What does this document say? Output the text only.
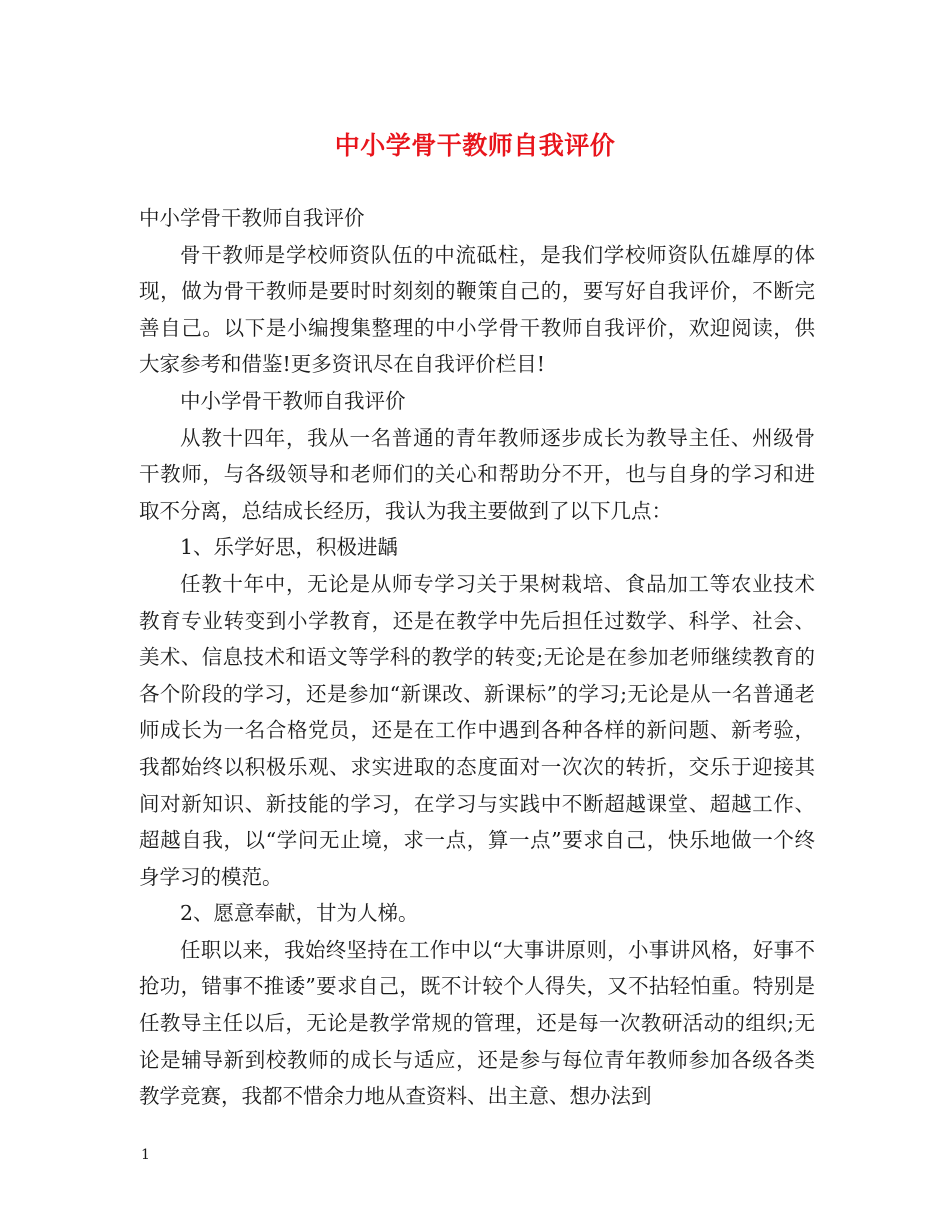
中小学骨干教师自我评价

中小学骨干教师自我评价

骨干教师是学校师资队伍的中流砥柱，是我们学校师资队伍雄厚的体现，做为骨干教师是要时时刻刻的鞭策自己的，要写好自我评价，不断完善自己。以下是小编搜集整理的中小学骨干教师自我评价，欢迎阅读，供大家参考和借鉴!更多资讯尽在自我评价栏目!

中小学骨干教师自我评价

从教十四年，我从一名普通的青年教师逐步成长为教导主任、州级骨干教师，与各级领导和老师们的关心和帮助分不开，也与自身的学习和进取不分离，总结成长经历，我认为我主要做到了以下几点：

1、乐学好思，积极进龋

任教十年中，无论是从师专学习关于果树栽培、食品加工等农业技术教育专业转变到小学教育，还是在教学中先后担任过数学、科学、社会、美术、信息技术和语文等学科的教学的转变;无论是在参加老师继续教育的各个阶段的学习，还是参加“新课改、新课标”的学习;无论是从一名普通老师成长为一名合格党员，还是在工作中遇到各种各样的新问题、新考验，我都始终以积极乐观、求实进取的态度面对一次次的转折，交乐于迎接其间对新知识、新技能的学习，在学习与实践中不断超越课堂、超越工作、超越自我，以“学问无止境，求一点，算一点”要求自己，快乐地做一个终身学习的模范。

2、愿意奉献，甘为人梯。

任职以来，我始终坚持在工作中以“大事讲原则，小事讲风格，好事不抢功，错事不推诿”要求自己，既不计较个人得失，又不拈轻怕重。特别是任教导主任以后，无论是教学常规的管理，还是每一次教研活动的组织;无论是辅导新到校教师的成长与适应，还是参与每位青年教师参加各级各类教学竞赛，我都不惜余力地从查资料、出主意、想办法到

1
